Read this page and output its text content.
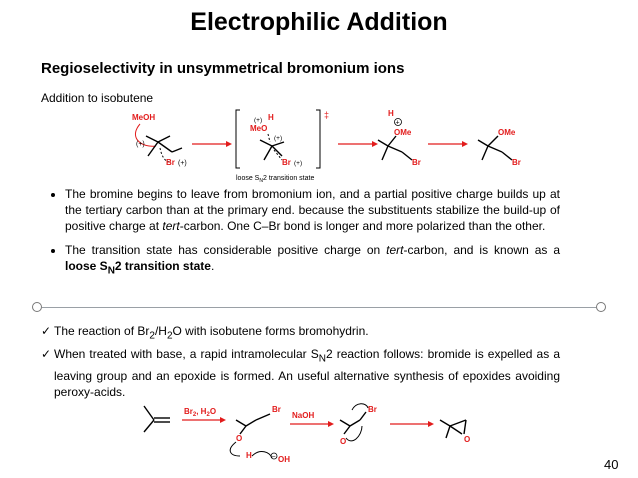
Electrophilic Addition
Regioselectivity in unsymmetrical bromonium ions
Addition to isobutene
MeOH
(+)
Br (+)
‡
(+) H
MeO
(+)
Br (+)
loose $S_N2$ transition state
H
+
OMe
Br
OMe
Br
• The bromine begins to leave from bromonium ion, and a partial positive charge builds up at the tertiary carbon than at the primary end. because the substituents stabilize the build-up of positive charge at tert-carbon. One C–Br bond is longer and more polarized than the other.
• The transition state has considerable positive charge on tert-carbon, and is known as a loose $S_N2$ transition state.
✓ The reaction of $Br_2/H_2O$ with isobutene forms bromohydrin.
✓ When treated with base, a rapid intramolecular $S_N2$ reaction follows: bromide is expelled as a leaving group and an epoxide is formed. An useful alternative synthesis of epoxides avoiding peroxy-acids.
$Br_2$, $H_2O$	Br
O
H	− OH
NaOH
Br
O	O
40
